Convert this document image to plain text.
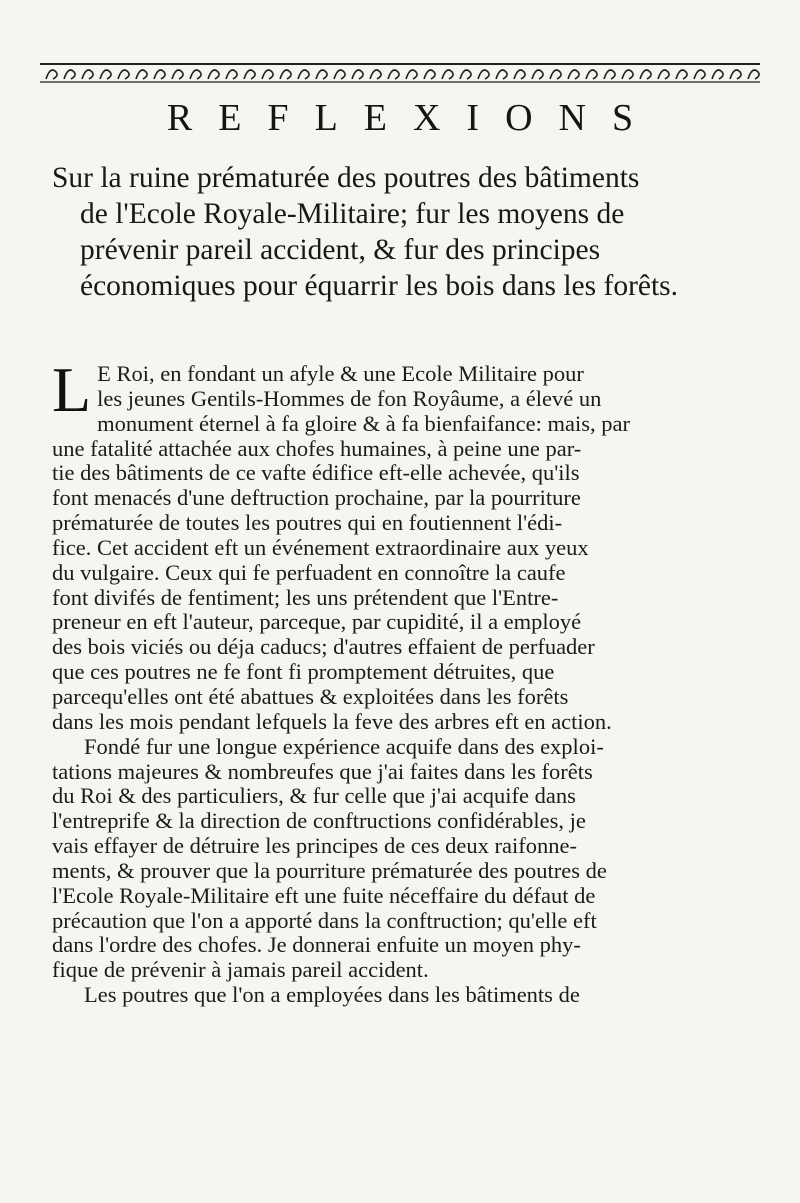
REFLEXIONS
Sur la ruine prématurée des poutres des bâtiments
de l'Ecole Royale-Militaire; fur les moyens de
prévenir pareil accident, & fur des principes
économiques pour équarrir les bois dans les forêts.

L E Roi, en fondant un afyle & une Ecole Militaire pour
les jeunes Gentils-Hommes de fon Royâume, a élevé un
monument éternel à fa gloire & à fa bienfaifance: mais, par
une fatalité attachée aux chofes humaines, à peine une par-
tie des bâtiments de ce vafte édifice eft-elle achevée, qu'ils
font menacés d'une deftruction prochaine, par la pourriture
prématurée de toutes les poutres qui en foutiennent l'édi-
fice. Cet accident eft un événement extraordinaire aux yeux
du vulgaire. Ceux qui fe perfuadent en connoître la caufe
font divifés de fentiment; les uns prétendent que l'Entre-
preneur en eft l'auteur, parceque, par cupidité, il a employé
des bois viciés ou déja caducs; d'autres effaient de perfuader
que ces poutres ne fe font fi promptement détruites, que
parcequ'elles ont été abattues & exploitées dans les forêts
dans les mois pendant lefquels la feve des arbres eft en action.

Fondé fur une longue expérience acquife dans des exploi-
tations majeures & nombreufes que j'ai faites dans les forêts
du Roi & des particuliers, & fur celle que j'ai acquife dans
l'entreprife & la direction de conftructions confidérables, je
vais effayer de détruire les principes de ces deux raifonne-
ments, & prouver que la pourriture prématurée des poutres de
l'Ecole Royale-Militaire eft une fuite néceffaire du défaut de
précaution que l'on a apporté dans la conftruction; qu'elle eft
dans l'ordre des chofes. Je donnerai enfuite un moyen phy-
fique de prévenir à jamais pareil accident.

Les poutres que l'on a employées dans les bâtiments de
